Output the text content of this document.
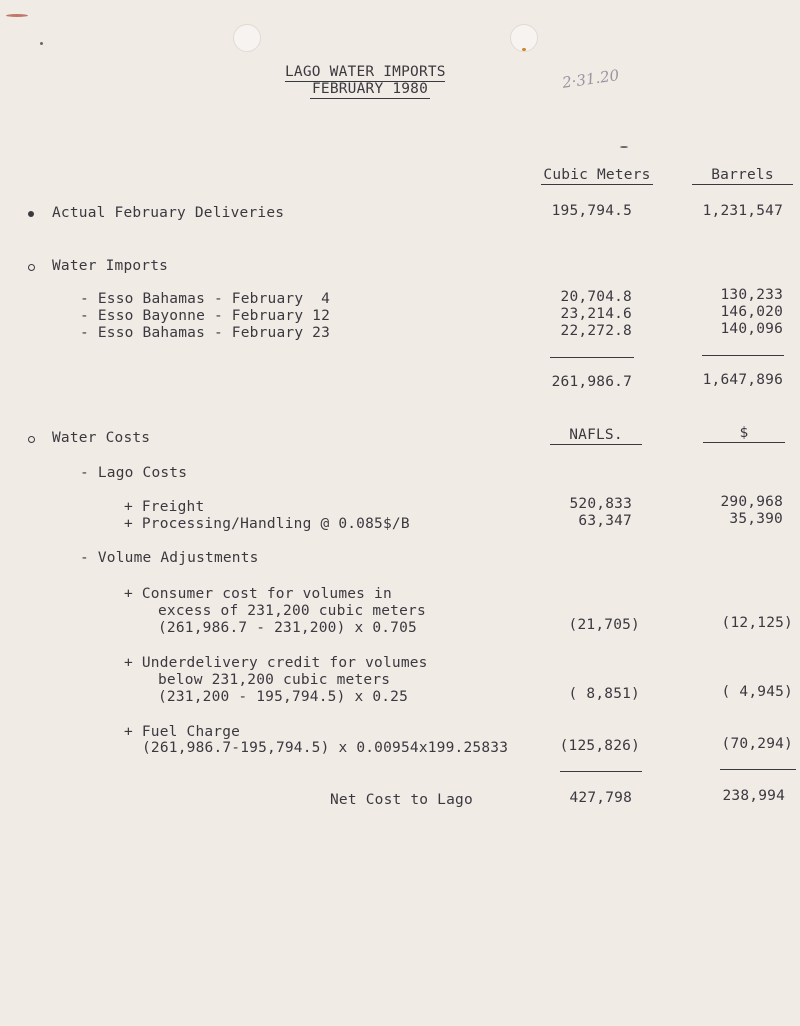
LAGO WATER IMPORTS
FEBRUARY 1980	2·31.20
Cubic Meters	Barrels
Actual February Deliveries	195,794.5	1,231,547
Water Imports
- Esso Bahamas - February  4	20,704.8	130,233
- Esso Bayonne - February 12	23,214.6	146,020
- Esso Bahamas - February 23	22,272.8	140,096
261,986.7	1,647,896
Water Costs	NAFLS.	$
- Lago Costs
+ Freight	520,833	290,968
+ Processing/Handling @ 0.085$/B	63,347	35,390
- Volume Adjustments
+ Consumer cost for volumes in
excess of 231,200 cubic meters
(261,986.7 - 231,200) x 0.705	(21,705)	(12,125)
+ Underdelivery credit for volumes
below 231,200 cubic meters
(231,200 - 195,794.5) x 0.25	( 8,851)	( 4,945)
+ Fuel Charge
(261,986.7-195,794.5) x 0.00954x199.25833	(125,826)	(70,294)
Net Cost to Lago	427,798	238,994
